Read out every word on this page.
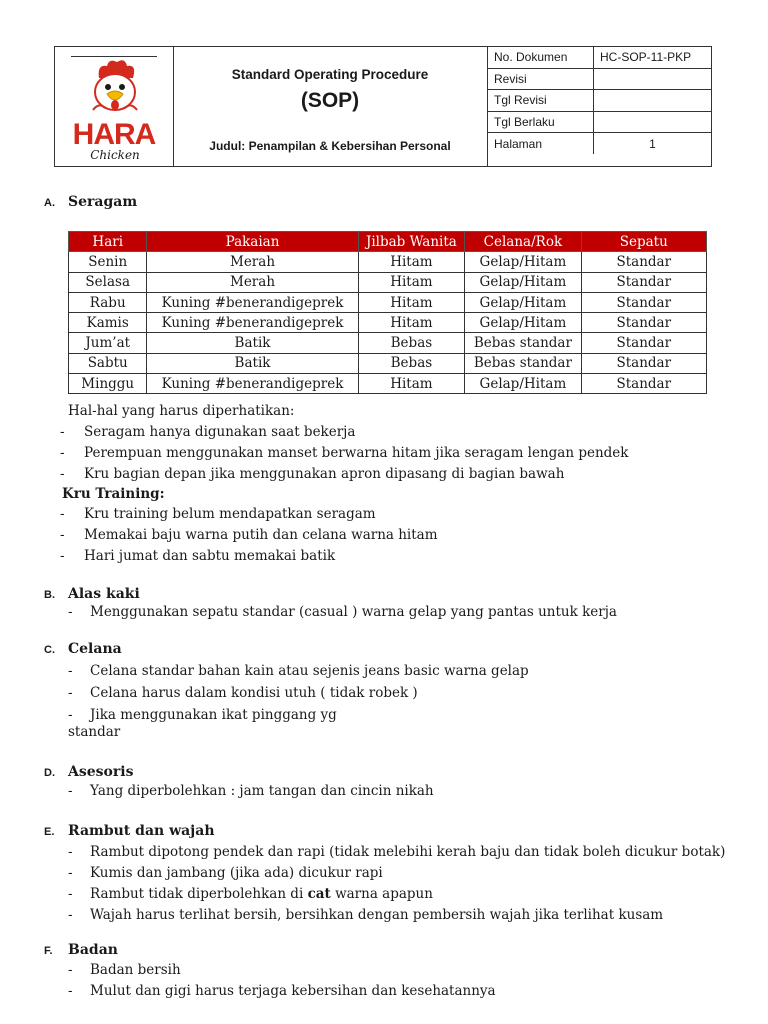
HARA
Chicken
Standard Operating Procedure
(SOP)
Judul: Penampilan & Kebersihan Personal
No. Dokumen	HC-SOP-11-PKP
Revisi	
Tgl Revisi	
Tgl Berlaku	
Halaman	1
A. Seragam
Hari	Pakaian	Jilbab Wanita	Celana/Rok	Sepatu
Senin	Merah	Hitam	Gelap/Hitam	Standar
Selasa	Merah	Hitam	Gelap/Hitam	Standar
Rabu	Kuning #benerandigeprek	Hitam	Gelap/Hitam	Standar
Kamis	Kuning #benerandigeprek	Hitam	Gelap/Hitam	Standar
Jum’at	Batik	Bebas	Bebas standar	Standar
Sabtu	Batik	Bebas	Bebas standar	Standar
Minggu	Kuning #benerandigeprek	Hitam	Gelap/Hitam	Standar
Hal-hal yang harus diperhatikan:
- Seragam hanya digunakan saat bekerja
- Perempuan menggunakan manset berwarna hitam jika seragam lengan pendek
- Kru bagian depan jika menggunakan apron dipasang di bagian bawah
Kru Training:
- Kru training belum mendapatkan seragam
- Memakai baju warna putih dan celana warna hitam
- Hari jumat dan sabtu memakai batik
B. Alas kaki
- Menggunakan sepatu standar (casual ) warna gelap yang pantas untuk kerja
C. Celana
- Celana standar bahan kain atau sejenis jeans basic warna gelap
- Celana harus dalam kondisi utuh ( tidak robek )
- Jika menggunakan ikat pinggang yg
standar
D. Asesoris
- Yang diperbolehkan : jam tangan dan cincin nikah
E. Rambut dan wajah
- Rambut dipotong pendek dan rapi (tidak melebihi kerah baju dan tidak boleh dicukur botak)
- Kumis dan jambang (jika ada) dicukur rapi
-
- Wajah harus terlihat bersih, bersihkan dengan pembersih wajah jika terlihat kusam
Rambut tidak diperbolehkan di cat warna apapun
F. Badan
- Badan bersih
- Mulut dan gigi harus terjaga kebersihan dan kesehatannya
